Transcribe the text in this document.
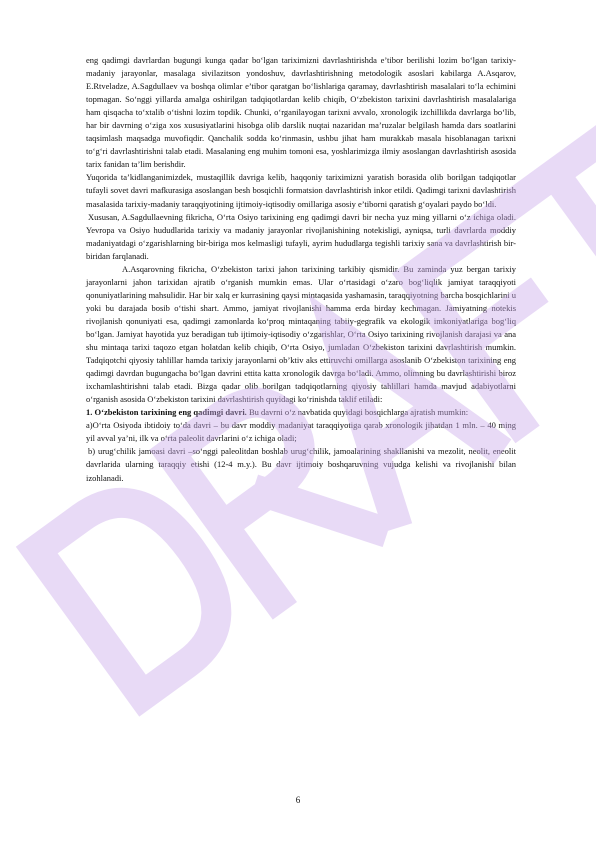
eng qadimgi davrlardan bugungi kunga qadar bo‘lgan tariximizni davrlashtirishda e’tibor berilishi lozim bo‘lgan tarixiy-madaniy jarayonlar, masalaga sivilazitson yondoshuv, davrlashtirishning metodologik asoslari kabilarga A.Asqarov, E.Rtveladze, A.Sagdullaev va boshqa olimlar e’tibor qaratgan bo‘lishlariga qaramay, davrlashtirish masalalari to‘la echimini topmagan. So‘nggi yillarda amalga oshirilgan tadqiqotlardan kelib chiqib, O‘zbekiston tarixini davrlashtirish masalalariga ham qisqacha to‘xtalib o‘tishni lozim topdik. Chunki, o‘rganilayogan tarixni avvalo, xronologik izchillikda davrlarga bo‘lib, har bir davrning o‘ziga xos xususiyatlarini hisobga olib darslik nuqtai nazaridan ma’ruzalar belgilash hamda dars soatlarini taqsimlash maqsadga muvofiqdir. Qanchalik sodda ko‘rinmasin, ushbu jihat ham murakkab masala hisoblanagan tarixni to‘g‘ri davrlashtirishni talab etadi. Masalaning eng muhim tomoni esa, yoshlarimizga ilmiy asoslangan davrlashtirish asosida tarix fanidan ta’lim berishdir.

Yuqorida ta’kidlanganimizdek, mustaqillik davriga kelib, haqqoniy tariximizni yaratish borasida olib borilgan tadqiqotlar tufayli sovet davri mafkurasiga asoslangan besh bosqichli formatsion davrlashtirish inkor etildi. Qadimgi tarixni davlashtirish masalasida tarixiy-madaniy taraqqiyotining ijtimoiy-iqtisodiy omillariga asosiy e’tiborni qaratish g‘oyalari paydo bo‘ldi.

Xususan, A.Sagdullaevning fikricha, O‘rta Osiyo tarixining eng qadimgi davri bir necha yuz ming yillarni o‘z ichiga oladi. Yevropa va Osiyo hududlarida tarixiy va madaniy jarayonlar rivojlanishining notekisligi, ayniqsa, turli davrlarda moddiy madaniyatdagi o‘zgarishlarning bir-biriga mos kelmasligi tufayli, ayrim hududlarga tegishli tarixiy sana va davrlashtirish bir-biridan farqlanadi.

A.Asqarovning fikricha, O‘zbekiston tarixi jahon tarixining tarkibiy qismidir. Bu zaminda yuz bergan tarixiy jarayonlarni jahon tarixidan ajratib o‘rganish mumkin emas. Ular o‘rtasidagi o‘zaro bog‘liqlik jamiyat taraqqiyoti qonuniyatlarining mahsulidir. Har bir xalq er kurrasining qaysi mintaqasida yashamasin, taraqqiyotning barcha bosqichlarini u yoki bu darajada bosib o‘tishi shart. Ammo, jamiyat rivojlanishi hamma erda birday kechmagan. Jamiyatning notekis rivojlanish qonuniyati esa, qadimgi zamonlarda ko‘proq mintaqaning tabiiy-gegrafik va ekologik imkoniyatlariga bog‘liq bo‘lgan. Jamiyat hayotida yuz beradigan tub ijtimoiy-iqtisodiy o‘zgarishlar, O‘rta Osiyo tarixining rivojlanish darajasi va ana shu mintaqa tarixi taqozo etgan holatdan kelib chiqib, O‘rta Osiyo, jumladan O‘zbekiston tarixini davrlashtirish mumkin. Tadqiqotchi qiyosiy tahlillar hamda tarixiy jarayonlarni ob’ktiv aks ettiruvchi omillarga asoslanib O‘zbekiston tarixining eng qadimgi davrdan bugungacha bo‘lgan davrini ettita katta xronologik davrga bo‘ladi. Ammo, olimning bu davrlashtirishi biroz ixchamlashtirishni talab etadi. Bizga qadar olib borilgan tadqiqotlarning qiyosiy tahlillari hamda mavjud adabiyotlarni o‘rganish asosida O‘zbekiston tarixini davrlashtirish quyidagi ko‘rinishda taklif etiladi:

1. O‘zbekiston tarixining eng qadimgi davri. Bu davrni o‘z navbatida quyidagi bosqichlarga ajratish mumkin:

a)O‘rta Osiyoda ibtidoiy to‘da davri – bu davr moddiy madaniyat taraqqiyotiga qarab xronologik jihatdan 1 mln. – 40 ming yil avval ya’ni, ilk va o‘rta paleolit davrlarini o‘z ichiga oladi;

b) urug‘chilik jamoasi davri –so‘nggi paleolitdan boshlab urug‘chilik, jamoalarining shakllanishi va mezolit, neolit, eneolit davrlarida ularning taraqqiy etishi (12-4 m.y.). Bu davr ijtimoiy boshqaruvning vujudga kelishi va rivojlanishi bilan izohlanadi.

6
